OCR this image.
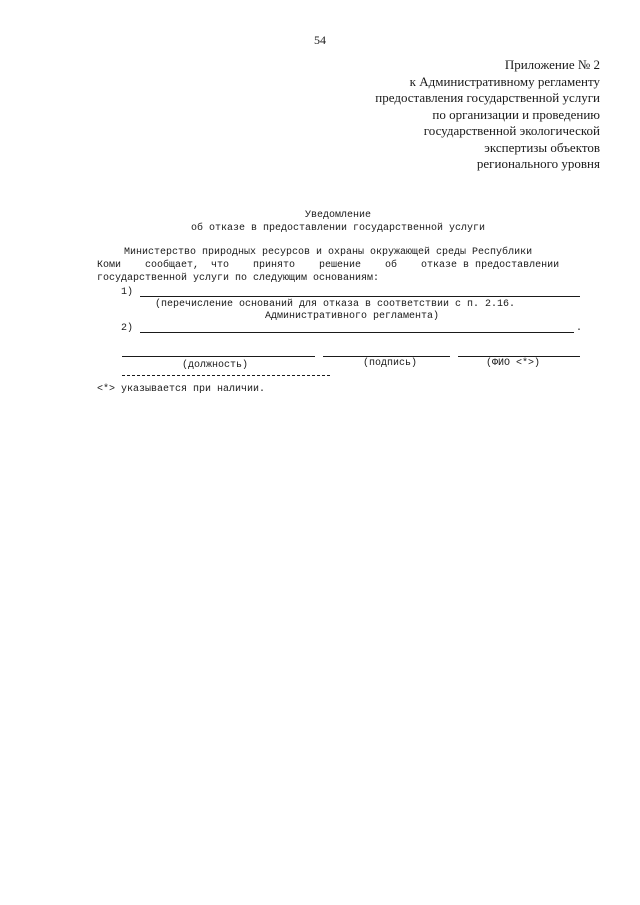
54
Приложение № 2
к Административному регламенту
предоставления государственной услуги
по организации и проведению
государственной экологической
экспертизы объектов
регионального уровня
Уведомление
об отказе в предоставлении государственной услуги
Министерство природных ресурсов и охраны окружающей среды Республики
Коми    сообщает,  что    принято    решение    об    отказе в предоставлении
государственной услуги по следующим основаниям:
1)
(перечисление оснований для отказа в соответствии с п. 2.16.
Административного регламента)
2)	.
(должность)	(подпись)	(ФИО <*>)
<*> указывается при наличии.
